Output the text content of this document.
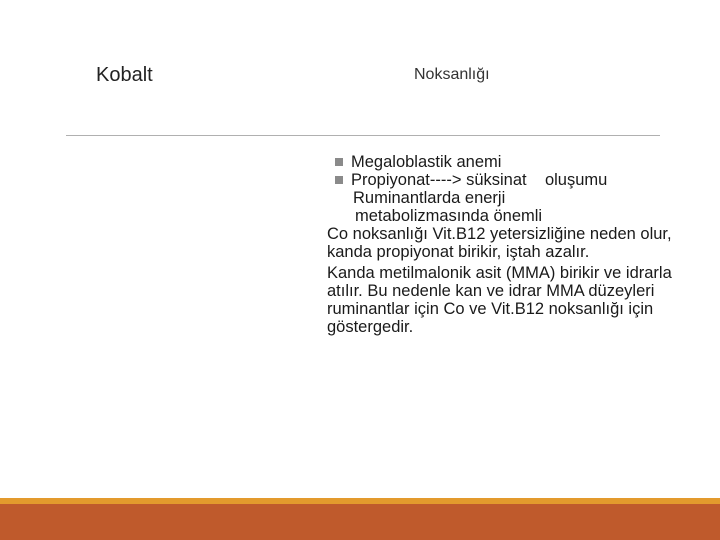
Kobalt	Noksanlığı
Megaloblastik anemi
Propiyonat----> süksinat    oluşumu
Ruminantlarda enerji
metabolizmasında önemli
Co noksanlığı Vit.B12 yetersizliğine neden olur, kanda propiyonat birikir, iştah azalır.
Kanda metilmalonik asit (MMA) birikir ve idrarla atılır. Bu nedenle kan ve idrar MMA düzeyleri ruminantlar için Co ve Vit.B12 noksanlığı için göstergedir.
